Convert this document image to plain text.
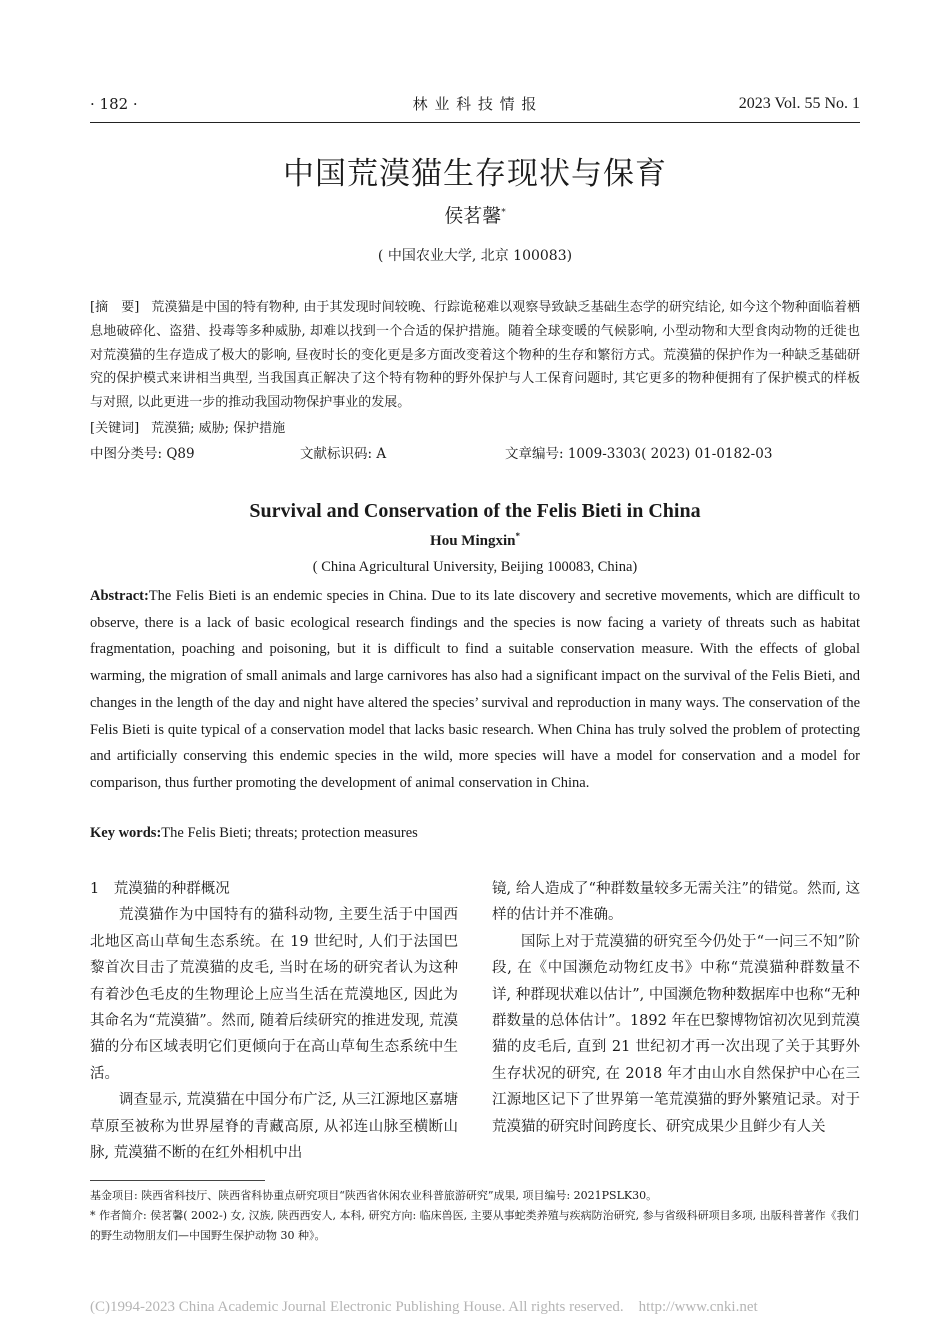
· 182 ·	林 业 科 技 情 报	2023 Vol. 55 No. 1
中国荒漠猫生存现状与保育
侯茗馨*
( 中国农业大学, 北京 100083)
[摘　要] 荒漠猫是中国的特有物种, 由于其发现时间较晚、行踪诡秘难以观察导致缺乏基础生态学的研究结论, 如今这个物种面临着栖息地破碎化、盗猎、投毒等多种威胁, 却难以找到一个合适的保护措施。随着全球变暖的气候影响, 小型动物和大型食肉动物的迁徙也对荒漠猫的生存造成了极大的影响, 昼夜时长的变化更是多方面改变着这个物种的生存和繁衍方式。荒漠猫的保护作为一种缺乏基础研究的保护模式来讲相当典型, 当我国真正解决了这个特有物种的野外保护与人工保育问题时, 其它更多的物种便拥有了保护模式的样板与对照, 以此更进一步的推动我国动物保护事业的发展。
[关键词] 荒漠猫; 威胁; 保护措施
中图分类号: Q89	文献标识码: A	文章编号: 1009-3303( 2023) 01-0182-03
Survival and Conservation of the Felis Bieti in China
Hou Mingxin*
( China Agricultural University, Beijing 100083, China)
Abstract:The Felis Bieti is an endemic species in China. Due to its late discovery and secretive movements, which are difficult to observe, there is a lack of basic ecological research findings and the species is now facing a variety of threats such as habitat fragmentation, poaching and poisoning, but it is difficult to find a suitable conservation measure. With the effects of global warming, the migration of small animals and large carnivores has also had a significant impact on the survival of the Felis Bieti, and changes in the length of the day and night have altered the species’ survival and reproduction in many ways. The conservation of the Felis Bieti is quite typical of a conservation model that lacks basic research. When China has truly solved the problem of protecting and artificially conserving this endemic species in the wild, more species will have a model for conservation and a model for comparison, thus further promoting the development of animal conservation in China.
Key words:The Felis Bieti; threats; protection measures

1　荒漠猫的种群概况

荒漠猫作为中国特有的猫科动物, 主要生活于中国西北地区高山草甸生态系统。在 19 世纪时, 人们于法国巴黎首次目击了荒漠猫的皮毛, 当时在场的研究者认为这种有着沙色毛皮的生物理论上应当生活在荒漠地区, 因此为其命名为“荒漠猫”。然而, 随着后续研究的推进发现, 荒漠猫的分布区域表明它们更倾向于在高山草甸生态系统中生活。

调查显示, 荒漠猫在中国分布广泛, 从三江源地区嘉塘草原至被称为世界屋脊的青藏高原, 从祁连山脉至横断山脉, 荒漠猫不断的在红外相机中出

镜, 给人造成了“种群数量较多无需关注”的错觉。然而, 这样的估计并不准确。

国际上对于荒漠猫的研究至今仍处于“一问三不知”阶段, 在《中国濒危动物红皮书》中称“荒漠猫种群数量不详, 种群现状难以估计”, 中国濒危物种数据库中也称“无种群数量的总体估计”。1892 年在巴黎博物馆初次见到荒漠猫的皮毛后, 直到 21 世纪初才再一次出现了关于其野外生存状况的研究, 在 2018 年才由山水自然保护中心在三江源地区记下了世界第一笔荒漠猫的野外繁殖记录。对于荒漠猫的研究时间跨度长、研究成果少且鲜少有人关

基金项目: 陕西省科技厅、陕西省科协重点研究项目“陕西省休闲农业科普旅游研究”成果, 项目编号: 2021PSLK30。

* 作者简介: 侯茗馨( 2002-) 女, 汉族, 陕西西安人, 本科, 研究方向: 临床兽医, 主要从事蛇类养殖与疾病防治研究, 参与省级科研项目多项, 出版科普著作《我们的野生动物朋友们—中国野生保护动物 30 种》。

(C)1994-2023 China Academic Journal Electronic Publishing House. All rights reserved. http://www.cnki.net
